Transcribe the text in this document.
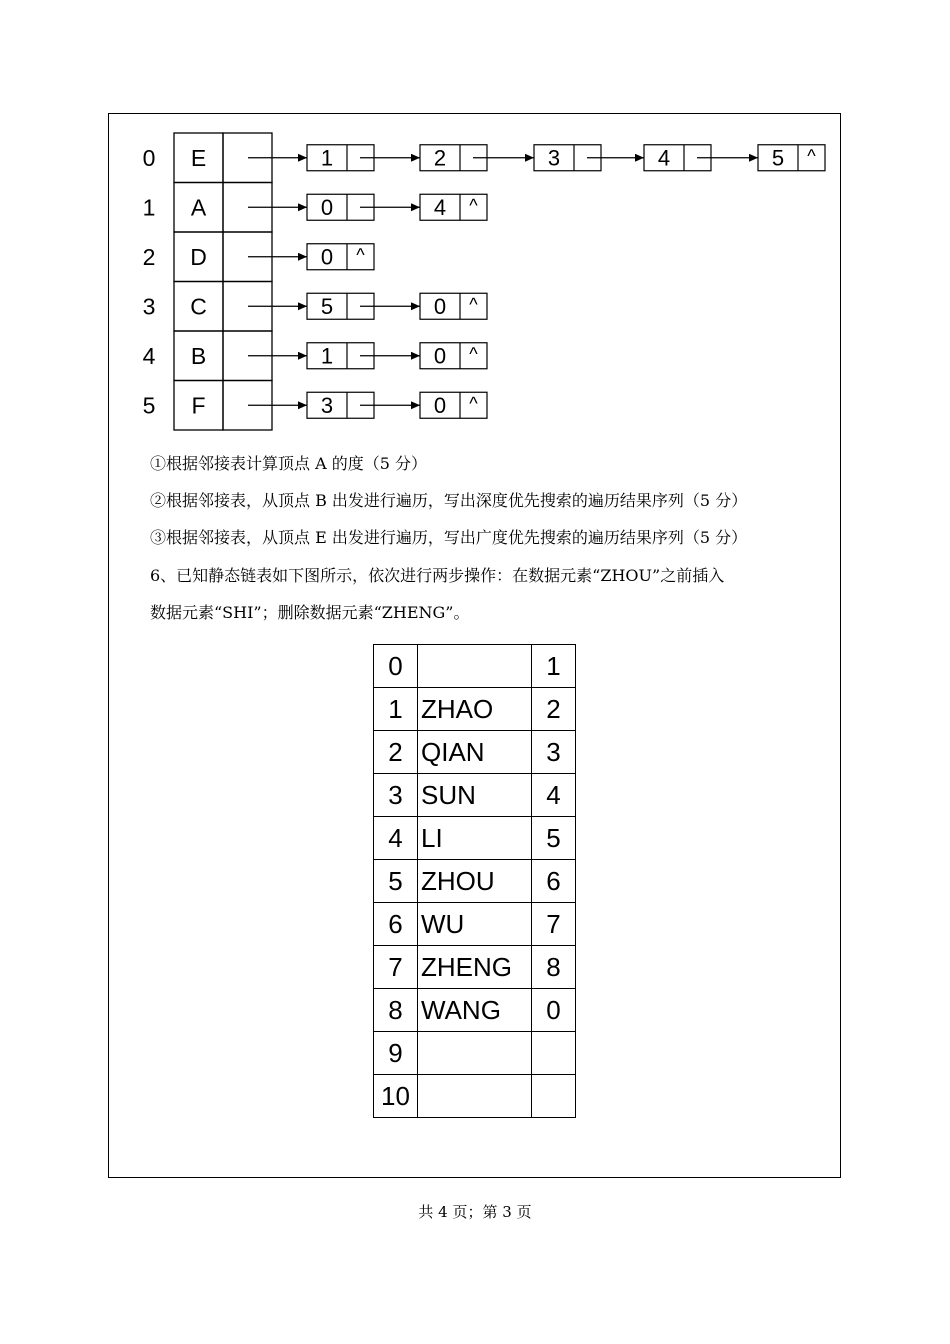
0 E	1	2	3	4	5 ^
1 A	0	4 ^
2 D	0 ^
3 C	5	0 ^
4 B	1	0 ^
5 F	3	0 ^
①根据邻接表计算顶点 A 的度（5 分）
②根据邻接表，从顶点 B 出发进行遍历，写出深度优先搜索的遍历结果序列（5 分）
③根据邻接表，从顶点 E 出发进行遍历，写出广度优先搜索的遍历结果序列（5 分）
6、已知静态链表如下图所示，依次进行两步操作：在数据元素“ZHOU”之前插入
数据元素“SHI”；删除数据元素“ZHENG”。
0		1
1	ZHAO	2
2	QIAN	3
3	SUN	4
4	LI	5
5	ZHOU	6
6	WU	7
7	ZHENG	8
8	WANG	0
9		
10		
共 4 页；第 3 页
